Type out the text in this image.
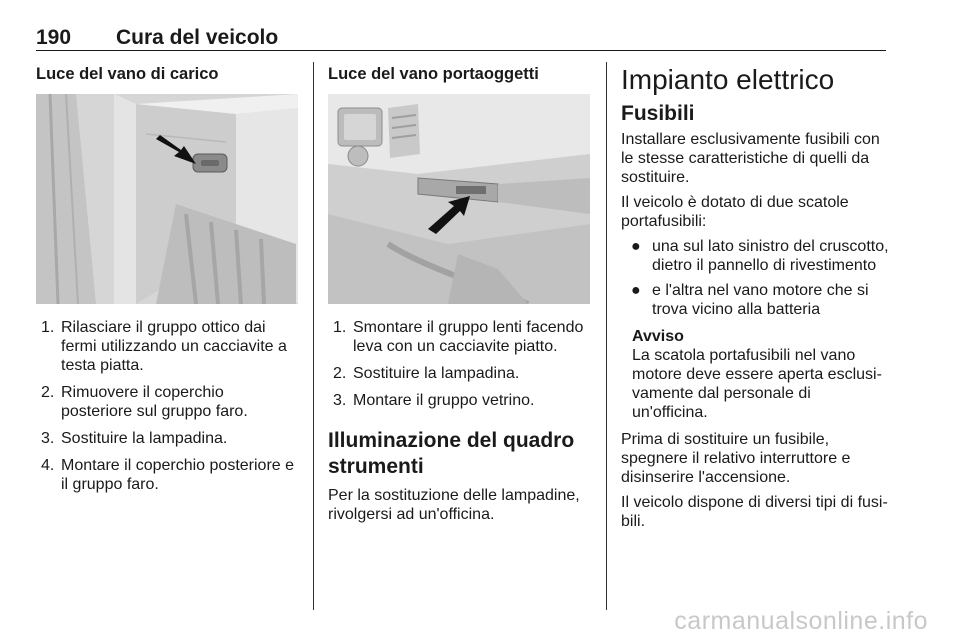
190 Cura del veicolo
Luce del vano di carico
1. Rilasciare il gruppo ottico dai fermi utilizzando un cacciavite a testa piatta.
2. Rimuovere il coperchio posteriore sul gruppo faro.
3. Sostituire la lampadina.
4. Montare il coperchio posteriore e il gruppo faro.
Luce del vano portaoggetti
1. Smontare il gruppo lenti facendo leva con un cacciavite piatto.
2. Sostituire la lampadina.
3. Montare il gruppo vetrino.
Illuminazione del quadro strumenti

Per la sostituzione delle lampadine, rivolgersi ad un'officina.

Impianto elettrico
Fusibili

Installare esclusivamente fusibili con le stesse caratteristiche di quelli da sostituire.

Il veicolo è dotato di due scatole portafusibili:

● una sul lato sinistro del cruscotto, dietro il pannello di rivestimento
● e l'altra nel vano motore che si trova vicino alla batteria
Avviso
La scatola portafusibili nel vano motore deve essere aperta esclusivamente dal personale di un'officina.

Prima di sostituire un fusibile, spegnere il relativo interruttore e disinserire l'accensione.

Il veicolo dispone di diversi tipi di fusibili.

carmanualsonline.info
